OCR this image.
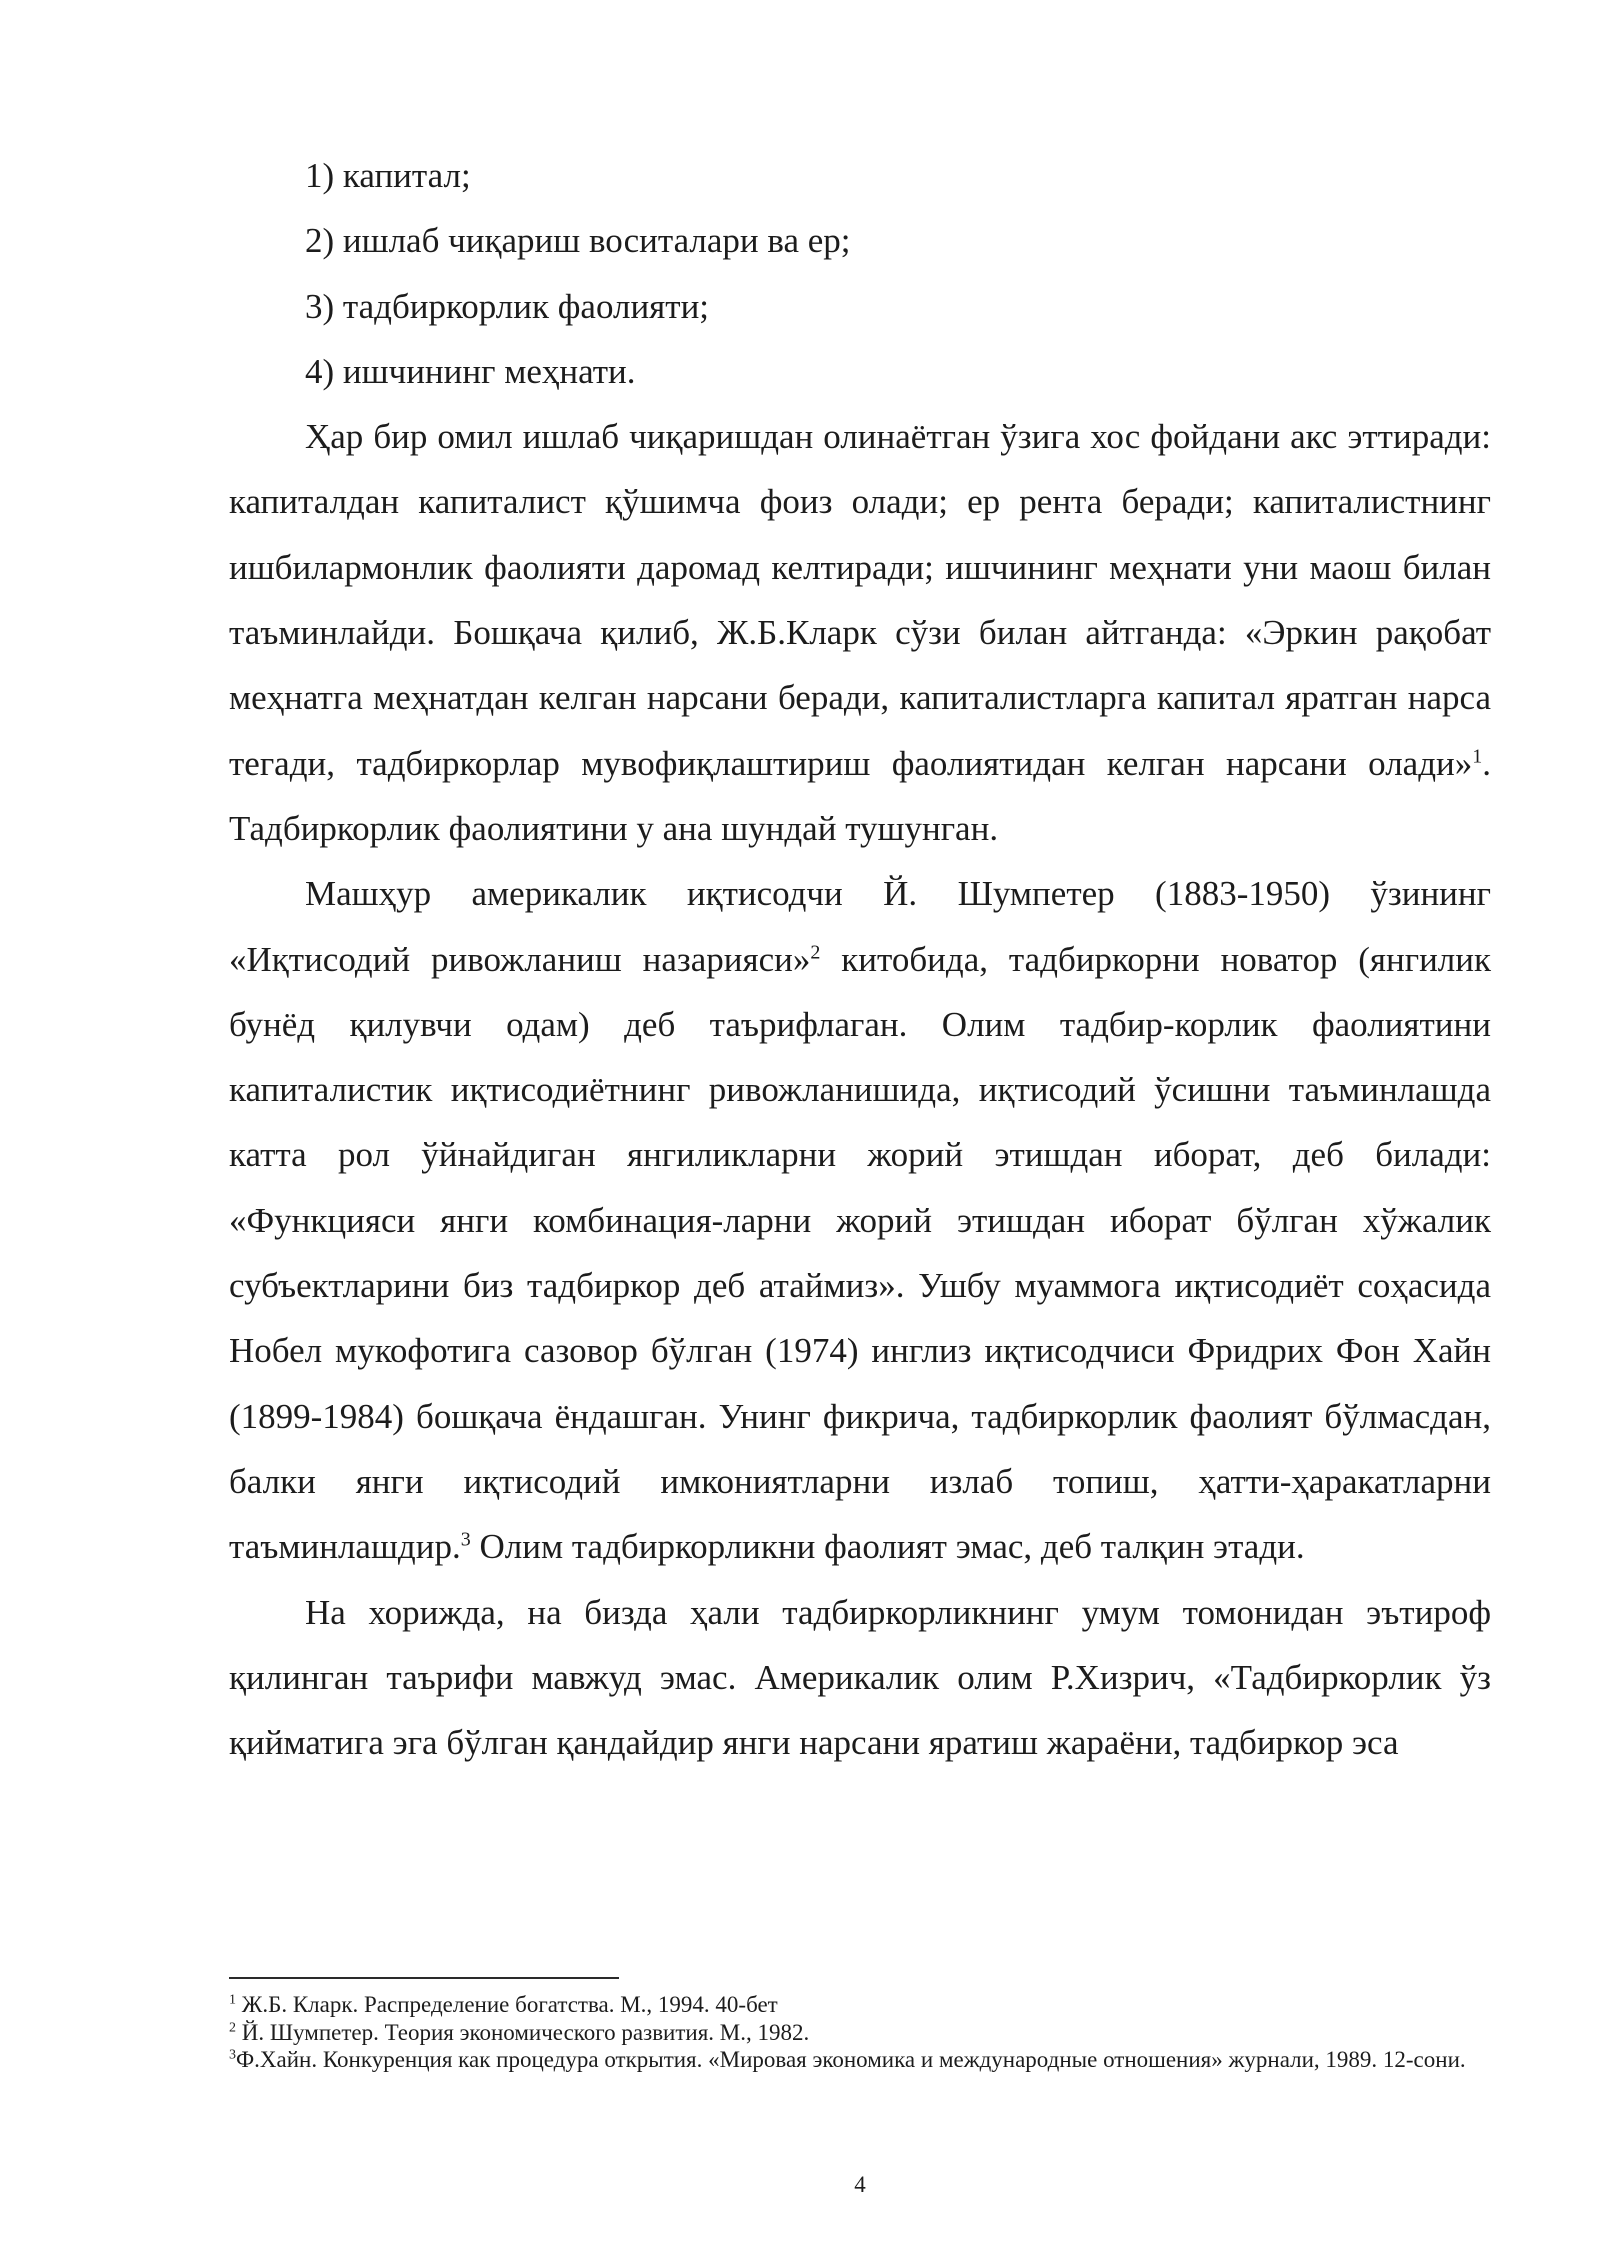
1) капитал;

2) ишлаб чиқариш воситалари ва ер;

3) тадбиркорлик фаолияти;

4) ишчининг меҳнати.

Ҳар бир омил ишлаб чиқаришдан олинаётган ўзига хос фойдани акс эттиради: капиталдан капиталист қўшимча фоиз олади; ер рента беради; капиталистнинг ишбилармонлик фаолияти даромад келтиради; ишчининг меҳнати уни маош билан таъминлайди. Бошқача қилиб, Ж.Б.Кларк сўзи билан айтганда: «Эркин рақобат меҳнатга меҳнатдан келган нарсани беради, капиталистларга капитал яратган нарса тегади, тадбиркорлар мувофиқлаштириш фаолиятидан келган нарсани олади»$^1$. Тадбиркорлик фаолиятини у ана шундай тушунган.

Машҳур америкалик иқтисодчи Й. Шумпетер (1883-1950) ўзининг «Иқтисодий ривожланиш назарияси»$^2$ китобида, тадбиркорни новатор (янгилик бунёд қилувчи одам) деб таърифлаган. Олим тадбир-корлик фаолиятини капиталистик иқтисодиётнинг ривожланишида, иқтисодий ўсишни таъминлашда катта рол ўйнайдиган янгиликларни жорий этишдан иборат, деб билади: «Функцияси янги комбинация-ларни жорий этишдан иборат бўлган хўжалик субъектларини биз тадбиркор деб атаймиз». Ушбу муаммога иқтисодиёт соҳасида Нобел мукофотига сазовор бўлган (1974) инглиз иқтисодчиси Фридрих Фон Хайн (1899-1984) бошқача ёндашган. Унинг фикрича, тадбиркорлик фаолият бўлмасдан, балки янги иқтисодий имкониятларни излаб топиш, ҳатти-ҳаракатларни таъминлашдир.$^3$ Олим тадбиркорликни фаолият эмас, деб талқин этади.

На хорижда, на бизда ҳали тадбиркорликнинг умум томонидан эътироф қилинган таърифи мавжуд эмас. Америкалик олим Р.Хизрич, «Тадбиркорлик ўз қийматига эга бўлган қандайдир янги нарсани яратиш жараёни, тадбиркор эса

$^1$ Ж.Б. Кларк. Распределение богатства. М., 1994. 40-бет

$^2$ Й. Шумпетер. Теория экономического развития. М., 1982.

$^3$Ф.Хайн. Конкуренция как процедура открытия. «Мировая экономика и международные отношения» журнали, 1989. 12-сони.

4
